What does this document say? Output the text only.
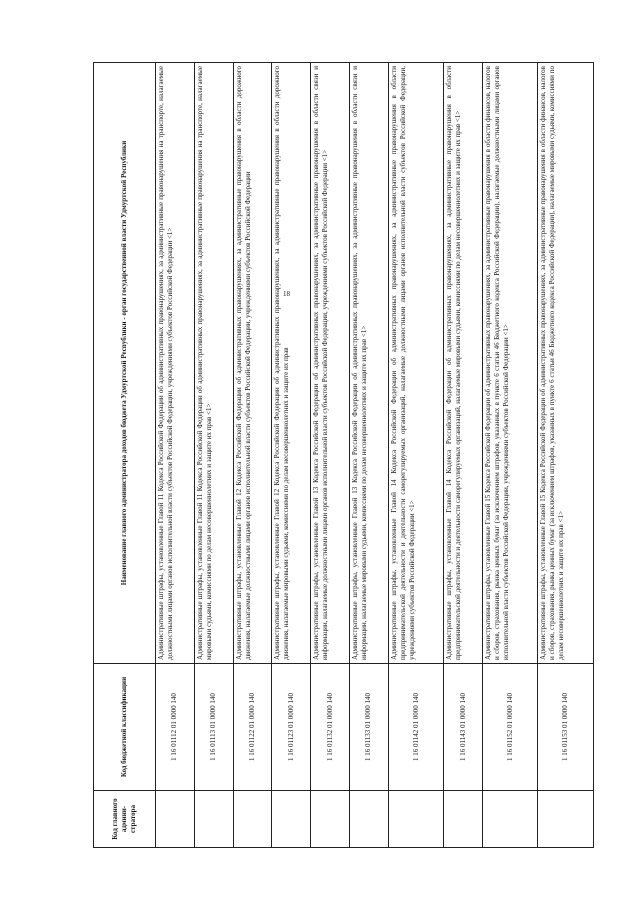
18
Код главного админи-стратора	Код бюджетной классификации	Наименование главного администратора доходов бюджета Удмуртской Республики - орган государственной власти Удмуртской Республики
	1 16 01112 01 0000 140	Административные штрафы, установленные Главой 11 Кодекса Российской Федерации об административных правонарушениях, за административные правонарушения на транспорте, налагаемые должностными лицами органов исполнительной власти субъектов Российской Федерации, учреждениями субъектов Российской Федерации <1>
	1 16 01113 01 0000 140	Административные штрафы, установленные Главой 11 Кодекса Российской Федерации об административных правонарушениях, за административные правонарушения на транспорте, налагаемые мировыми судьями, комиссиями по делам несовершеннолетних и защите их прав <1>
	1 16 01122 01 0000 140	Административные штрафы, установленные Главой 12 Кодекса Российской Федерации об административных правонарушениях, за административные правонарушения в области дорожного движения, налагаемые должностными лицами органов исполнительной власти субъектов Российской Федерации, учреждениями субъектов Российской Федерации
	1 16 01123 01 0000 140	Административные штрафы, установленные Главой 12 Кодекса Российской Федерации об административных правонарушениях, за административные правонарушения в области дорожного движения, налагаемые мировыми судьями, комиссиями по делам несовершеннолетних и защите их прав
	1 16 01132 01 0000 140	Административные штрафы, установленные Главой 13 Кодекса Российской Федерации об административных правонарушениях, за административные правонарушения в области связи и информации, налагаемые должностными лицами органов исполнительной власти субъектов Российской Федерации, учреждениями субъектов Российской Федерации <1>
	1 16 01133 01 0000 140	Административные штрафы, установленные Главой 13 Кодекса Российской Федерации об административных правонарушениях, за административные правонарушения в области связи и информации, налагаемые мировыми судьями, комиссиями по делам несовершеннолетних и защите их прав <1>
	1 16 01142 01 0000 140	Административные штрафы, установленные Главой 14 Кодекса Российской Федерации об административных правонарушениях, за административные правонарушения в области предпринимательской деятельности и деятельности саморегулируемых организаций, налагаемые должностными лицами органов исполнительной власти субъектов Российской Федерации, учреждениями субъектов Российской Федерации <1>
	1 16 01143 01 0000 140	Административные штрафы, установленные Главой 14 Кодекса Российской Федерации об административных правонарушениях, за административные правонарушения в области предпринимательской деятельности и деятельности саморегулируемых организаций, налагаемые мировыми судьями, комиссиями по делам несовершеннолетних и защите их прав <1>
	1 16 01152 01 0000 140	Административные штрафы, установленные Главой 15 Кодекса Российской Федерации об административных правонарушениях, за административные правонарушения в области финансов, налогов и сборов, страхования, рынка ценных бумаг (за исключением штрафов, указанных в пункте 6 статьи 46 Бюджетного кодекса Российской Федерации), налагаемые должностными лицами органов исполнительной власти субъектов Российской Федерации, учреждениями субъектов Российской Федерации <1>
	1 16 01153 01 0000 140	Административные штрафы, установленные Главой 15 Кодекса Российской Федерации об административных правонарушениях, за административные правонарушения в области финансов, налогов и сборов, страхования, рынка ценных бумаг (за исключением штрафов, указанных в пункте 6 статьи 46 Бюджетного кодекса Российской Федерации), налагаемые мировыми судьями, комиссиями по делам несовершеннолетних и защите их прав <1>
